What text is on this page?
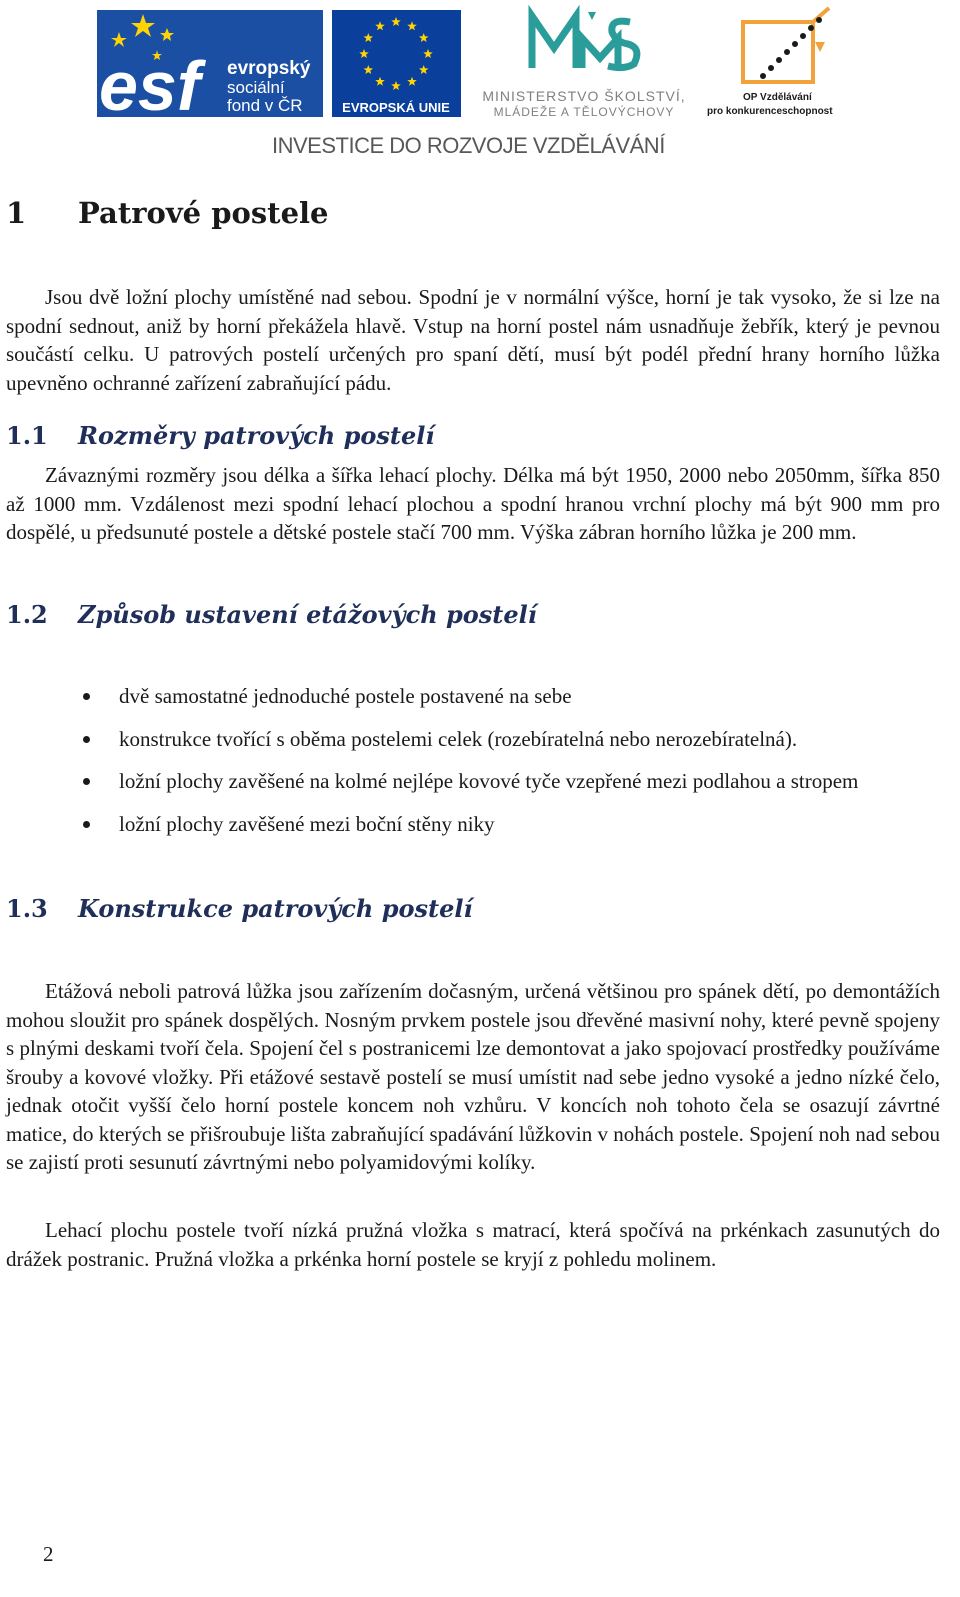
esf	evropský
sociální
fond v ČR	EVROPSKÁ UNIE
MINISTERSTVO ŠKOLSTVÍ,
MLÁDEŽE A TĚLOVÝCHOVY
OP Vzdělávání
pro konkurenceschopnost
INVESTICE DO ROZVOJE VZDĚLÁVÁNÍ
1 Patrové postele

Jsou dvě ložní plochy umístěné nad sebou. Spodní je v normální výšce, horní je tak vysoko, že si lze na spodní sednout, aniž by horní překážela hlavě. Vstup na horní postel nám usnadňuje žebřík, který je pevnou součástí celku. U patrových postelí určených pro spaní dětí, musí být podél přední hrany horního lůžka upevněno ochranné zařízení zabraňující pádu.

1.1 Rozměry patrových postelí

Závaznými rozměry jsou délka a šířka lehací plochy. Délka má být 1950, 2000 nebo 2050mm, šířka 850 až 1000 mm. Vzdálenost mezi spodní lehací plochou a spodní hranou vrchní plochy má být 900 mm pro dospělé, u předsunuté postele a dětské postele stačí 700 mm. Výška zábran horního lůžka je 200 mm.

1.2 Způsob ustavení etážových postelí
dvě samostatné jednoduché postele postavené na sebe
konstrukce tvořící s oběma postelemi celek (rozebíratelná nebo nerozebíratelná).
ložní plochy zavěšené na kolmé nejlépe kovové tyče vzepřené mezi podlahou a stropem
ložní plochy zavěšené mezi boční stěny niky
1.3 Konstrukce patrových postelí

Etážová neboli patrová lůžka jsou zařízením dočasným, určená většinou pro spánek dětí, po demontážích mohou sloužit pro spánek dospělých. Nosným prvkem postele jsou dřevěné masivní nohy, které pevně spojeny s plnými deskami tvoří čela. Spojení čel s postranicemi lze demontovat a jako spojovací prostředky používáme šrouby a kovové vložky. Při etážové sestavě postelí se musí umístit nad sebe jedno vysoké a jedno nízké čelo, jednak otočit vyšší čelo horní postele koncem noh vzhůru. V koncích noh tohoto čela se osazují závrtné matice, do kterých se přišroubuje lišta zabraňující spadávání lůžkovin v nohách postele. Spojení noh nad sebou se zajistí proti sesunutí závrtnými nebo polyamidovými kolíky.

Lehací plochu postele tvoří nízká pružná vložka s matrací, která spočívá na prkénkach zasunutých do drážek postranic. Pružná vložka a prkénka horní postele se kryjí z pohledu molinem.

2
